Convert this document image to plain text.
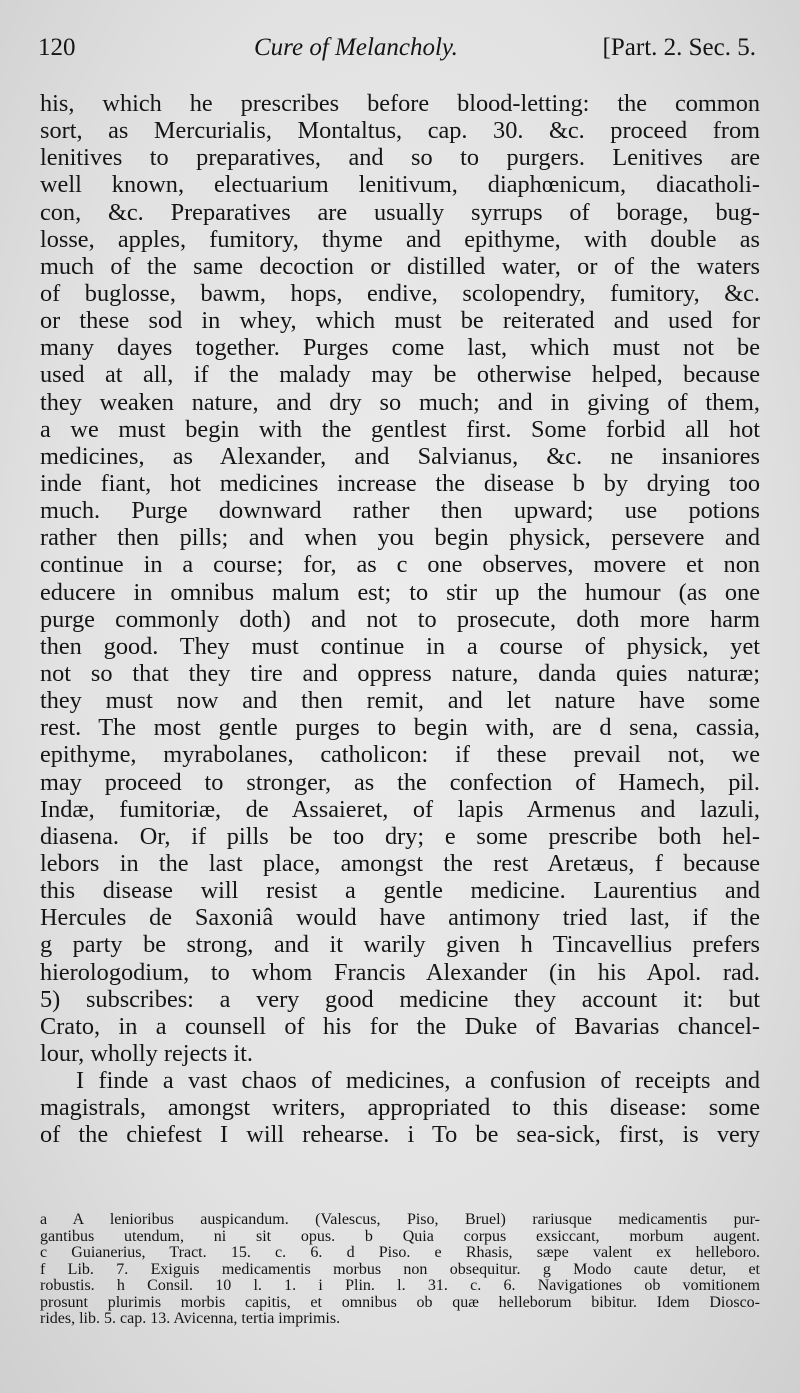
120	Cure of Melancholy.	[Part. 2. Sec. 5.
his, which he prescribes before blood-letting: the common
sort, as Mercurialis, Montaltus, cap. 30. &c. proceed from
lenitives to preparatives, and so to purgers. Lenitives are
well known, electuarium lenitivum, diaphœnicum, diacatholi-
con, &c. Preparatives are usually syrrups of borage, bug-
losse, apples, fumitory, thyme and epithyme, with double as
much of the same decoction or distilled water, or of the waters
of buglosse, bawm, hops, endive, scolopendry, fumitory, &c.
or these sod in whey, which must be reiterated and used for
many dayes together. Purges come last, which must not be
used at all, if the malady may be otherwise helped, because
they weaken nature, and dry so much; and in giving of them,
a we must begin with the gentlest first. Some forbid all hot
medicines, as Alexander, and Salvianus, &c. ne insaniores
inde fiant, hot medicines increase the disease b by drying too
much. Purge downward rather then upward; use potions
rather then pills; and when you begin physick, persevere and
continue in a course; for, as c one observes, movere et non
educere in omnibus malum est; to stir up the humour (as one
purge commonly doth) and not to prosecute, doth more harm
then good. They must continue in a course of physick, yet
not so that they tire and oppress nature, danda quies naturæ;
they must now and then remit, and let nature have some
rest. The most gentle purges to begin with, are d sena, cassia,
epithyme, myrabolanes, catholicon: if these prevail not, we
may proceed to stronger, as the confection of Hamech, pil.
Indæ, fumitoriæ, de Assaieret, of lapis Armenus and lazuli,
diasena. Or, if pills be too dry; e some prescribe both hel-
lebors in the last place, amongst the rest Aretæus, f because
this disease will resist a gentle medicine. Laurentius and
Hercules de Saxoniâ would have antimony tried last, if the
g party be strong, and it warily given h Tincavellius prefers
hierologodium, to whom Francis Alexander (in his Apol. rad.
5) subscribes: a very good medicine they account it: but
Crato, in a counsell of his for the Duke of Bavarias chancel-
lour, wholly rejects it.
I finde a vast chaos of medicines, a confusion of receipts and
magistrals, amongst writers, appropriated to this disease: some
of the chiefest I will rehearse. i To be sea-sick, first, is very
a A lenioribus auspicandum. (Valescus, Piso, Bruel) rariusque medicamentis pur-
gantibus utendum, ni sit opus. b Quia corpus exsiccant, morbum augent.
c Guianerius, Tract. 15. c. 6. d Piso. e Rhasis, sæpe valent ex helleboro.
f Lib. 7. Exiguis medicamentis morbus non obsequitur. g Modo caute detur, et
robustis. h Consil. 10 l. 1. i Plin. l. 31. c. 6. Navigationes ob vomitionem
prosunt plurimis morbis capitis, et omnibus ob quæ helleborum bibitur. Idem Diosco-
rides, lib. 5. cap. 13. Avicenna, tertia imprimis.
